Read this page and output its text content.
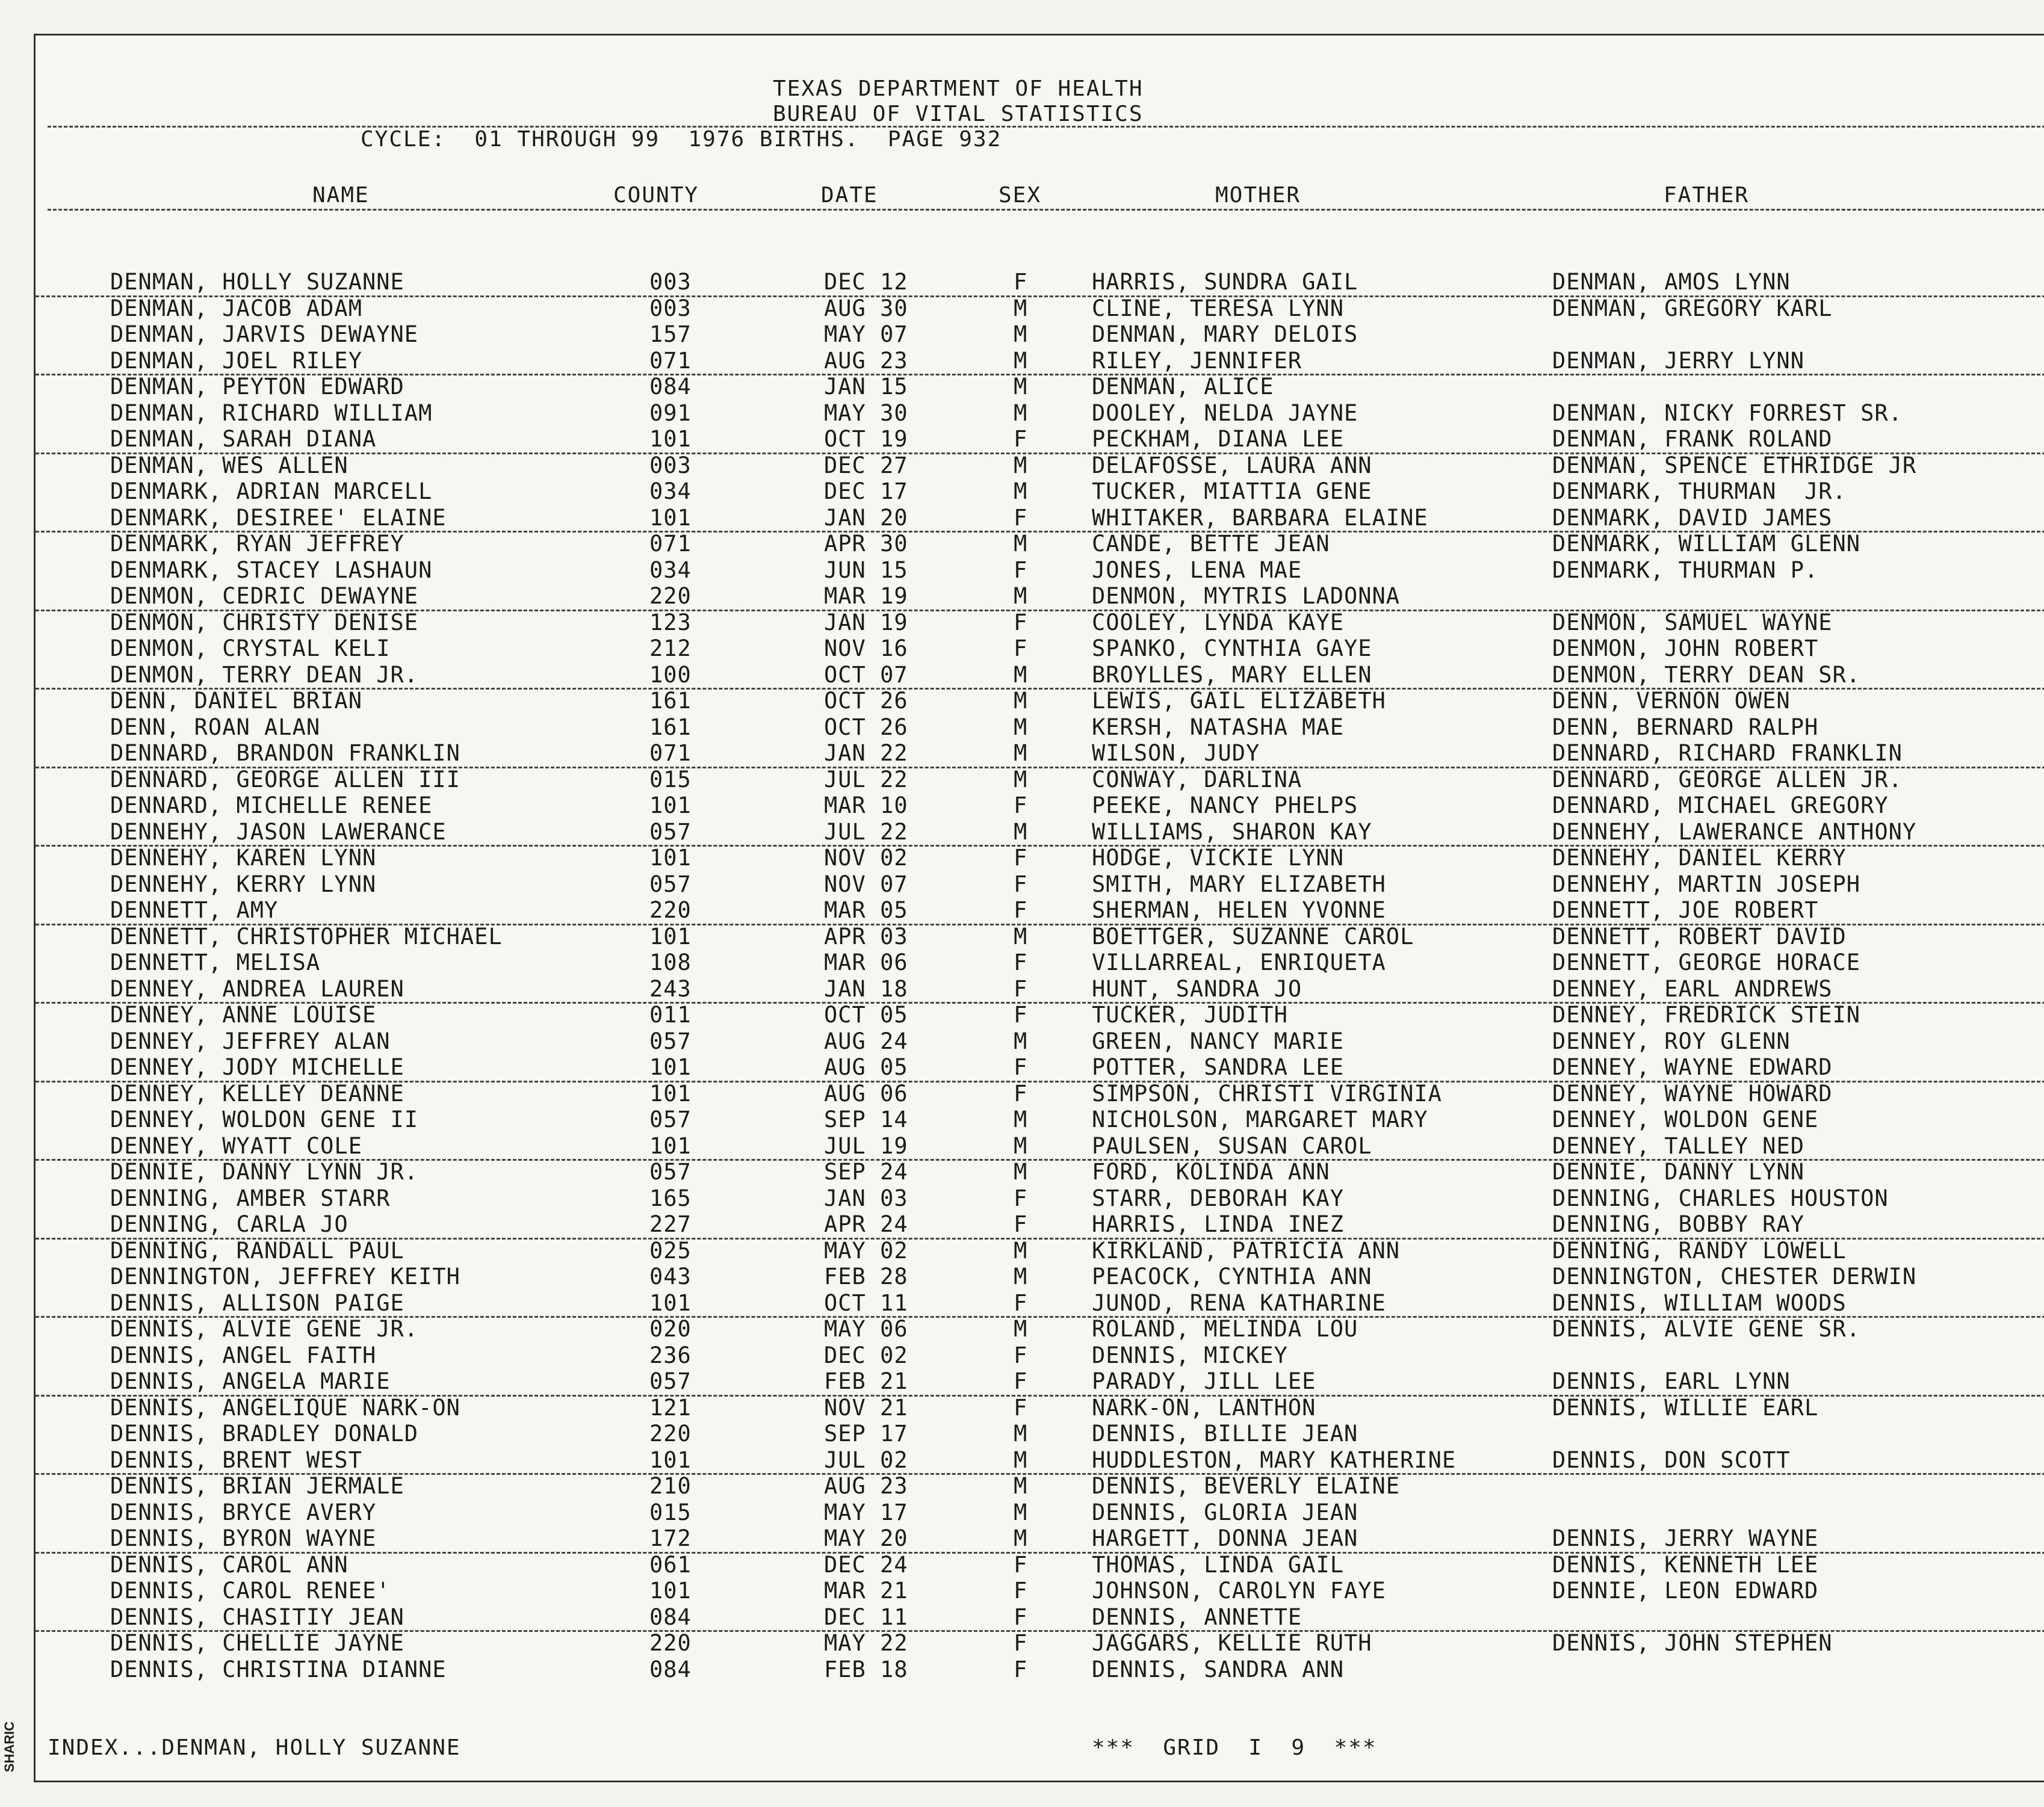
SHARIC
TEXAS DEPARTMENT OF HEALTH
BUREAU OF VITAL STATISTICS
CYCLE:  01 THROUGH 99  1976 BIRTHS.  PAGE 932
NAME	COUNTY	DATE	SEX	MOTHER	FATHER
DENMAN, HOLLY SUZANNE	003	DEC 12	F	HARRIS, SUNDRA GAIL	DENMAN, AMOS LYNN
DENMAN, JACOB ADAM	003	AUG 30	M	CLINE, TERESA LYNN	DENMAN, GREGORY KARL
DENMAN, JARVIS DEWAYNE	157	MAY 07	M	DENMAN, MARY DELOIS
DENMAN, JOEL RILEY	071	AUG 23	M	RILEY, JENNIFER	DENMAN, JERRY LYNN
DENMAN, PEYTON EDWARD	084	JAN 15	M	DENMAN, ALICE
DENMAN, RICHARD WILLIAM	091	MAY 30	M	DOOLEY, NELDA JAYNE	DENMAN, NICKY FORREST SR.
DENMAN, SARAH DIANA	101	OCT 19	F	PECKHAM, DIANA LEE	DENMAN, FRANK ROLAND
DENMAN, WES ALLEN	003	DEC 27	M	DELAFOSSE, LAURA ANN	DENMAN, SPENCE ETHRIDGE JR
DENMARK, ADRIAN MARCELL	034	DEC 17	M	TUCKER, MIATTIA GENE	DENMARK, THURMAN  JR.
DENMARK, DESIREE' ELAINE	101	JAN 20	F	WHITAKER, BARBARA ELAINE	DENMARK, DAVID JAMES
DENMARK, RYAN JEFFREY	071	APR 30	M	CANDE, BETTE JEAN	DENMARK, WILLIAM GLENN
DENMARK, STACEY LASHAUN	034	JUN 15	F	JONES, LENA MAE	DENMARK, THURMAN P.
DENMON, CEDRIC DEWAYNE	220	MAR 19	M	DENMON, MYTRIS LADONNA
DENMON, CHRISTY DENISE	123	JAN 19	F	COOLEY, LYNDA KAYE	DENMON, SAMUEL WAYNE
DENMON, CRYSTAL KELI	212	NOV 16	F	SPANKO, CYNTHIA GAYE	DENMON, JOHN ROBERT
DENMON, TERRY DEAN JR.	100	OCT 07	M	BROYLLES, MARY ELLEN	DENMON, TERRY DEAN SR.
DENN, DANIEL BRIAN	161	OCT 26	M	LEWIS, GAIL ELIZABETH	DENN, VERNON OWEN
DENN, ROAN ALAN	161	OCT 26	M	KERSH, NATASHA MAE	DENN, BERNARD RALPH
DENNARD, BRANDON FRANKLIN	071	JAN 22	M	WILSON, JUDY	DENNARD, RICHARD FRANKLIN
DENNARD, GEORGE ALLEN III	015	JUL 22	M	CONWAY, DARLINA	DENNARD, GEORGE ALLEN JR.
DENNARD, MICHELLE RENEE	101	MAR 10	F	PEEKE, NANCY PHELPS	DENNARD, MICHAEL GREGORY
DENNEHY, JASON LAWERANCE	057	JUL 22	M	WILLIAMS, SHARON KAY	DENNEHY, LAWERANCE ANTHONY
DENNEHY, KAREN LYNN	101	NOV 02	F	HODGE, VICKIE LYNN	DENNEHY, DANIEL KERRY
DENNEHY, KERRY LYNN	057	NOV 07	F	SMITH, MARY ELIZABETH	DENNEHY, MARTIN JOSEPH
DENNETT, AMY	220	MAR 05	F	SHERMAN, HELEN YVONNE	DENNETT, JOE ROBERT
DENNETT, CHRISTOPHER MICHAEL	101	APR 03	M	BOETTGER, SUZANNE CAROL	DENNETT, ROBERT DAVID
DENNETT, MELISA	108	MAR 06	F	VILLARREAL, ENRIQUETA	DENNETT, GEORGE HORACE
DENNEY, ANDREA LAUREN	243	JAN 18	F	HUNT, SANDRA JO	DENNEY, EARL ANDREWS
DENNEY, ANNE LOUISE	011	OCT 05	F	TUCKER, JUDITH	DENNEY, FREDRICK STEIN
DENNEY, JEFFREY ALAN	057	AUG 24	M	GREEN, NANCY MARIE	DENNEY, ROY GLENN
DENNEY, JODY MICHELLE	101	AUG 05	F	POTTER, SANDRA LEE	DENNEY, WAYNE EDWARD
DENNEY, KELLEY DEANNE	101	AUG 06	F	SIMPSON, CHRISTI VIRGINIA	DENNEY, WAYNE HOWARD
DENNEY, WOLDON GENE II	057	SEP 14	M	NICHOLSON, MARGARET MARY	DENNEY, WOLDON GENE
DENNEY, WYATT COLE	101	JUL 19	M	PAULSEN, SUSAN CAROL	DENNEY, TALLEY NED
DENNIE, DANNY LYNN JR.	057	SEP 24	M	FORD, KOLINDA ANN	DENNIE, DANNY LYNN
DENNING, AMBER STARR	165	JAN 03	F	STARR, DEBORAH KAY	DENNING, CHARLES HOUSTON
DENNING, CARLA JO	227	APR 24	F	HARRIS, LINDA INEZ	DENNING, BOBBY RAY
DENNING, RANDALL PAUL	025	MAY 02	M	KIRKLAND, PATRICIA ANN	DENNING, RANDY LOWELL
DENNINGTON, JEFFREY KEITH	043	FEB 28	M	PEACOCK, CYNTHIA ANN	DENNINGTON, CHESTER DERWIN
DENNIS, ALLISON PAIGE	101	OCT 11	F	JUNOD, RENA KATHARINE	DENNIS, WILLIAM WOODS
DENNIS, ALVIE GENE JR.	020	MAY 06	M	ROLAND, MELINDA LOU	DENNIS, ALVIE GENE SR.
DENNIS, ANGEL FAITH	236	DEC 02	F	DENNIS, MICKEY
DENNIS, ANGELA MARIE	057	FEB 21	F	PARADY, JILL LEE	DENNIS, EARL LYNN
DENNIS, ANGELIQUE NARK-ON	121	NOV 21	F	NARK-ON, LANTHON	DENNIS, WILLIE EARL
DENNIS, BRADLEY DONALD	220	SEP 17	M	DENNIS, BILLIE JEAN
DENNIS, BRENT WEST	101	JUL 02	M	HUDDLESTON, MARY KATHERINE	DENNIS, DON SCOTT
DENNIS, BRIAN JERMALE	210	AUG 23	M	DENNIS, BEVERLY ELAINE
DENNIS, BRYCE AVERY	015	MAY 17	M	DENNIS, GLORIA JEAN
DENNIS, BYRON WAYNE	172	MAY 20	M	HARGETT, DONNA JEAN	DENNIS, JERRY WAYNE
DENNIS, CAROL ANN	061	DEC 24	F	THOMAS, LINDA GAIL	DENNIS, KENNETH LEE
DENNIS, CAROL RENEE'	101	MAR 21	F	JOHNSON, CAROLYN FAYE	DENNIE, LEON EDWARD
DENNIS, CHASITIY JEAN	084	DEC 11	F	DENNIS, ANNETTE
DENNIS, CHELLIE JAYNE	220	MAY 22	F	JAGGARS, KELLIE RUTH	DENNIS, JOHN STEPHEN
DENNIS, CHRISTINA DIANNE	084	FEB 18	F	DENNIS, SANDRA ANN
INDEX...DENMAN, HOLLY SUZANNE	***  GRID  I  9  ***
